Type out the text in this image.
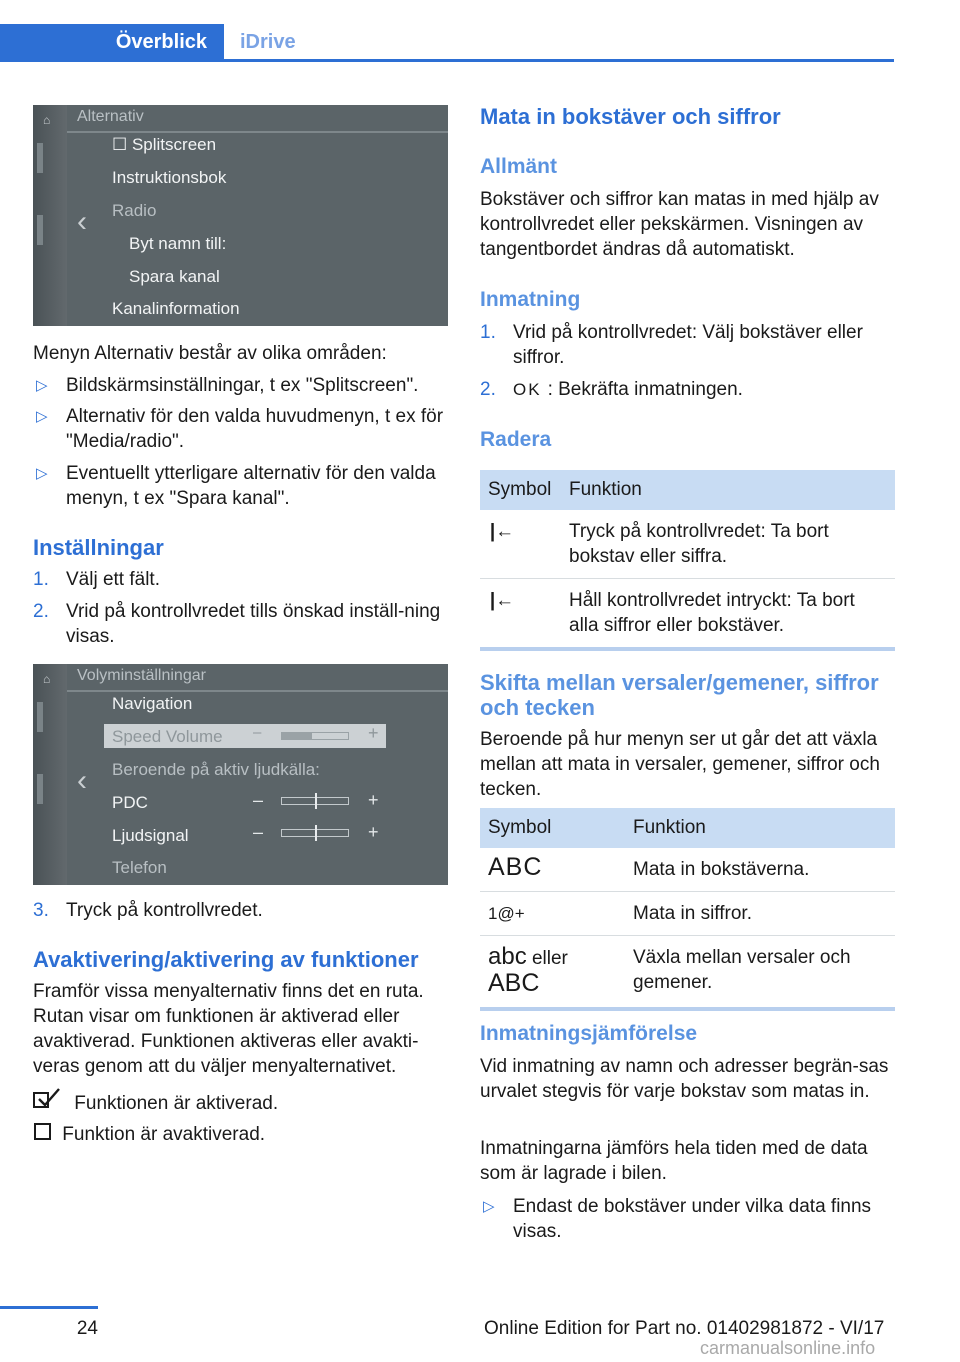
Överblick	iDrive
⌂	Alternativ
‹
☐ Splitscreen
Instruktionsbok
Radio
Byt namn till:
Spara kanal
Kanalinformation

Menyn Alternativ består av olika områden:

▷ Bildskärmsinställningar, t ex "Splitscreen".
▷ Alternativ för den valda huvudmenyn, t ex för "Media/radio".
▷ Eventuellt ytterligare alternativ för den valda menyn, t ex "Spara kanal".
Inställningar
1. Välj ett fält.
2. Vrid på kontrollvredet tills önskad inställ-ning visas.
⌂	Volyminställningar
‹
Navigation
Speed Volume –	+
Beroende på aktiv ljudkälla:
PDC	–	+
Ljudsignal	–	+
Telefon
3. Tryck på kontrollvredet.
Avaktivering/aktivering av funktioner

Framför vissa menyalternativ finns det en ruta. Rutan visar om funktionen är aktiverad eller avaktiverad. Funktionen aktiveras eller avakti-veras genom att du väljer menyalternativet.

Funktionen är aktiverad.
Funktion är avaktiverad.
Mata in bokstäver och siffror
Allmänt

Bokstäver och siffror kan matas in med hjälp av kontrollvredet eller pekskärmen. Visningen av tangentbordet ändras då automatiskt.

Inmatning
1. Vrid på kontrollvredet: Välj bokstäver eller siffror.
2. OK : Bekräfta inmatningen.
Radera
Symbol	Funktion
|←	Tryck på kontrollvredet: Ta bort bokstav eller siffra.
|←	Håll kontrollvredet intryckt: Ta bort alla siffror eller bokstäver.
Skifta mellan versaler/gemener, siffror och tecken

Beroende på hur menyn ser ut går det att växla mellan att mata in versaler, gemener, siffror och tecken.

Symbol	Funktion
ABC	Mata in bokstäverna.
1@+	Mata in siffror.
abc eller
ABC	Växla mellan versaler och gemener.
Inmatningsjämförelse

Vid inmatning av namn och adresser begrän-sas urvalet stegvis för varje bokstav som matas in.

Inmatningarna jämförs hela tiden med de data som är lagrade i bilen.

▷ Endast de bokstäver under vilka data finns visas.
24	Online Edition for Part no. 01402981872 - VI/17
carmanualsonline.info
